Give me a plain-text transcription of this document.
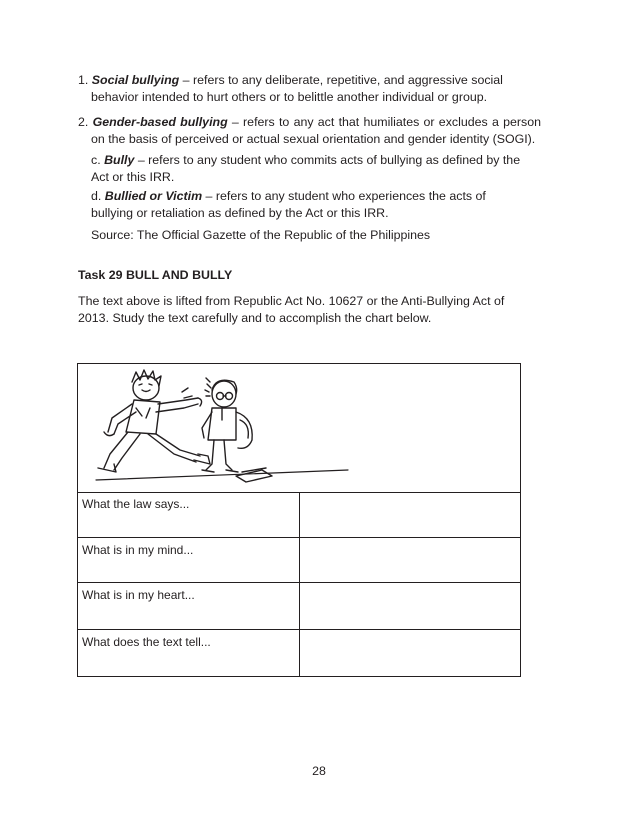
1. Social bullying – refers to any deliberate, repetitive, and aggressive social behavior intended to hurt others or to belittle another individual or group.

2. Gender-based bullying – refers to any act that humiliates or excludes a person on the basis of perceived or actual sexual orientation and gender identity (SOGI).

c. Bully – refers to any student who commits acts of bullying as defined by the Act or this IRR.

d. Bullied or Victim – refers to any student who experiences the acts of bullying or retaliation as defined by the Act or this IRR.

Source: The Official Gazette of the Republic of the Philippines

Task 29 BULL AND BULLY

The text above is lifted from Republic Act No. 10627 or the Anti-Bullying Act of 2013. Study the text carefully and to accomplish the chart below.

What the law says...
What is in my mind...
What is in my heart...
What does the text tell...
28
